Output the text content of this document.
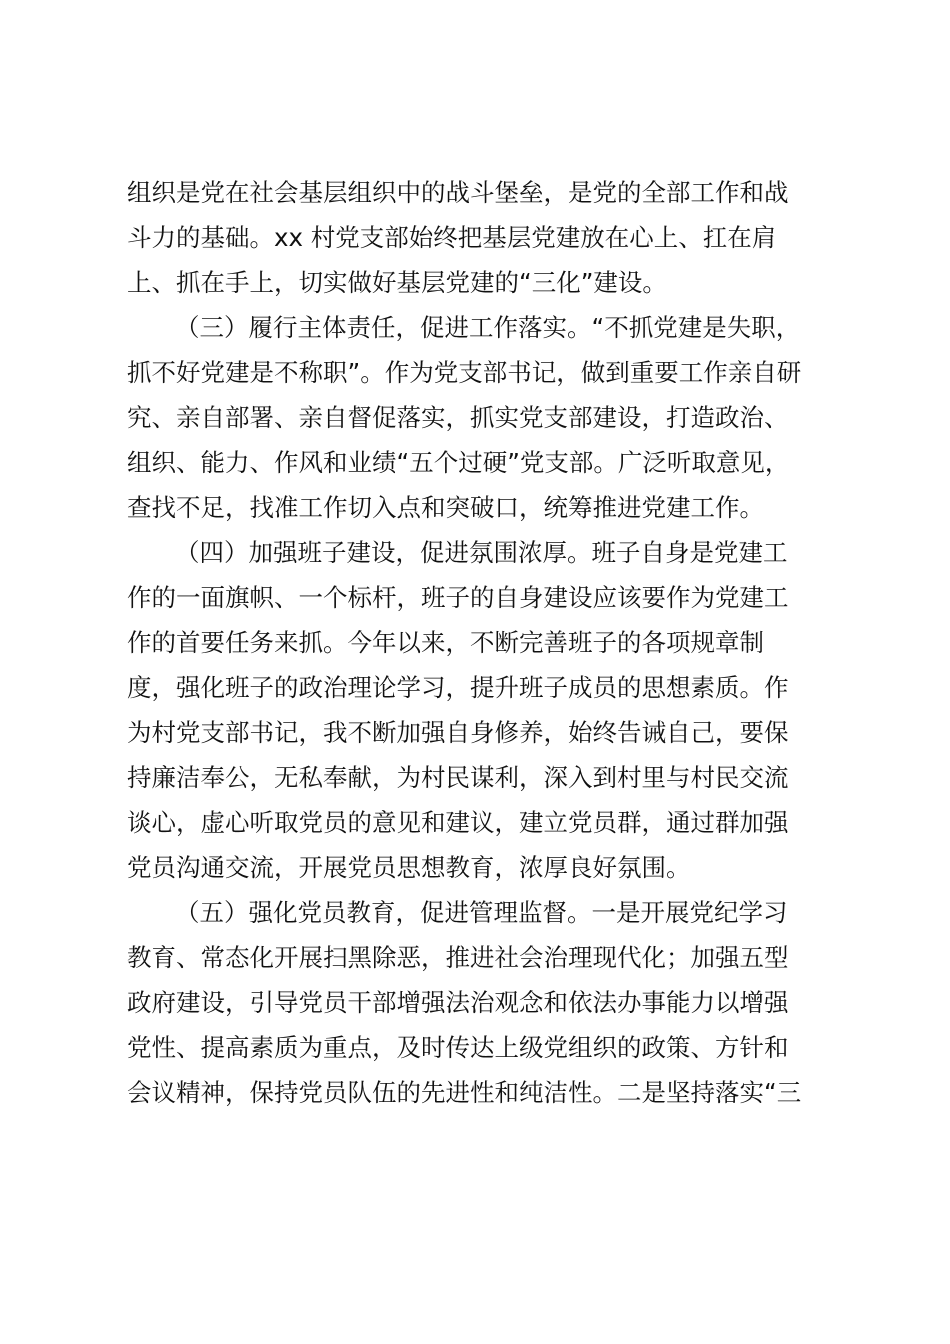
组织是党在社会基层组织中的战斗堡垒，是党的全部工作和战
斗力的基础。xx 村党支部始终把基层党建放在心上、扛在肩
上、抓在手上，切实做好基层党建的“三化”建设。
（三）履行主体责任，促进工作落实。“不抓党建是失职，
抓不好党建是不称职”。作为党支部书记，做到重要工作亲自研
究、亲自部署、亲自督促落实，抓实党支部建设，打造政治、
组织、能力、作风和业绩“五个过硬”党支部。广泛听取意见，
查找不足，找准工作切入点和突破口，统筹推进党建工作。
（四）加强班子建设，促进氛围浓厚。班子自身是党建工
作的一面旗帜、一个标杆，班子的自身建设应该要作为党建工
作的首要任务来抓。今年以来，不断完善班子的各项规章制
度，强化班子的政治理论学习，提升班子成员的思想素质。作
为村党支部书记，我不断加强自身修养，始终告诫自己，要保
持廉洁奉公，无私奉献，为村民谋利，深入到村里与村民交流
谈心，虚心听取党员的意见和建议，建立党员群，通过群加强
党员沟通交流，开展党员思想教育，浓厚良好氛围。
（五）强化党员教育，促进管理监督。一是开展党纪学习
教育、常态化开展扫黑除恶，推进社会治理现代化；加强五型
政府建设，引导党员干部增强法治观念和依法办事能力以增强
党性、提高素质为重点，及时传达上级党组织的政策、方针和
会议精神，保持党员队伍的先进性和纯洁性。二是坚持落实“三
